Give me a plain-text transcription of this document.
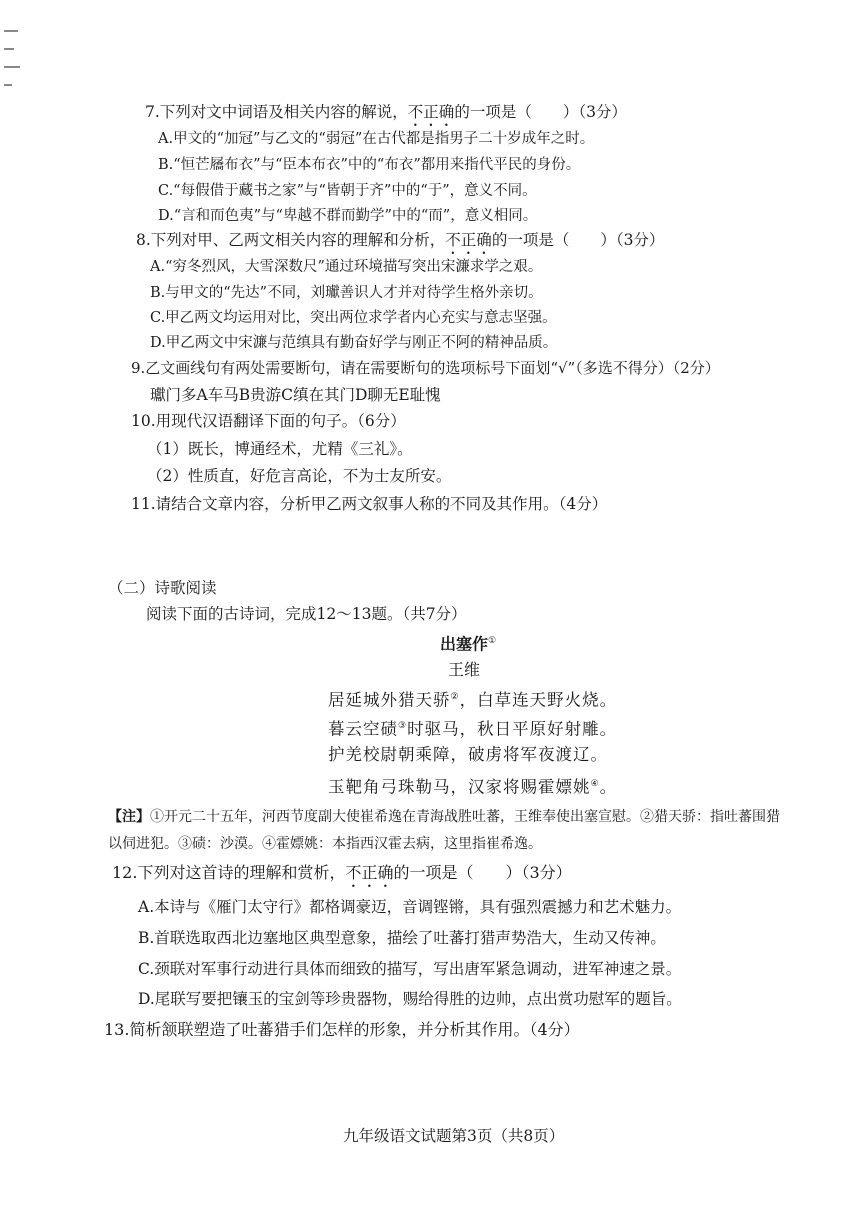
7.下列对文中词语及相关内容的解说，不正确的一项是（　　）（3分）
A.甲文的“加冠”与乙文的“弱冠”在古代都是指男子二十岁成年之时。
B.“恒芒屩布衣”与“臣本布衣”中的“布衣”都用来指代平民的身份。
C.“每假借于藏书之家”与“皆朝于齐”中的“于”，意义不同。
D.“言和而色夷”与“卑越不群而勤学”中的“而”，意义相同。
8.下列对甲、乙两文相关内容的理解和分析，不正确的一项是（　　）（3分）
A.“穷冬烈风，大雪深数尺”通过环境描写突出宋濂求学之艰。
B.与甲文的“先达”不同，刘瓛善识人才并对待学生格外亲切。
C.甲乙两文均运用对比，突出两位求学者内心充实与意志坚强。
D.甲乙两文中宋濂与范缜具有勤奋好学与刚正不阿的精神品质。
9.乙文画线句有两处需要断句，请在需要断句的选项标号下面划“√”（多选不得分）（2分）
瓛门多A车马B贵游C缜在其门D聊无E耻愧
10.用现代汉语翻译下面的句子。（6分）
（1）既长，博通经术，尤精《三礼》。
（2）性质直，好危言高论，不为士友所安。
11.请结合文章内容，分析甲乙两文叙事人称的不同及其作用。（4分）
（二）诗歌阅读
阅读下面的古诗词，完成12～13题。（共7分）
出塞作①
王维
居延城外猎天骄②，白草连天野火烧。
暮云空碛③时驱马，秋日平原好射雕。
护羌校尉朝乘障，破虏将军夜渡辽。
玉靶角弓珠勒马，汉家将赐霍嫖姚④。
【注】①开元二十五年，河西节度副大使崔希逸在青海战胜吐蕃，王维奉使出塞宣慰。②猎天骄：指吐蕃围猎
以伺进犯。③碛：沙漠。④霍嫖姚：本指西汉霍去病，这里指崔希逸。
12.下列对这首诗的理解和赏析，不正确的一项是（　　）（3分）
A.本诗与《雁门太守行》都格调豪迈，音调铿锵，具有强烈震撼力和艺术魅力。
B.首联选取西北边塞地区典型意象，描绘了吐蕃打猎声势浩大，生动又传神。
C.颈联对军事行动进行具体而细致的描写，写出唐军紧急调动，进军神速之景。
D.尾联写要把镶玉的宝剑等珍贵器物，赐给得胜的边帅，点出赏功慰军的题旨。
13.简析颔联塑造了吐蕃猎手们怎样的形象，并分析其作用。（4分）
九年级语文试题第3页（共8页）
